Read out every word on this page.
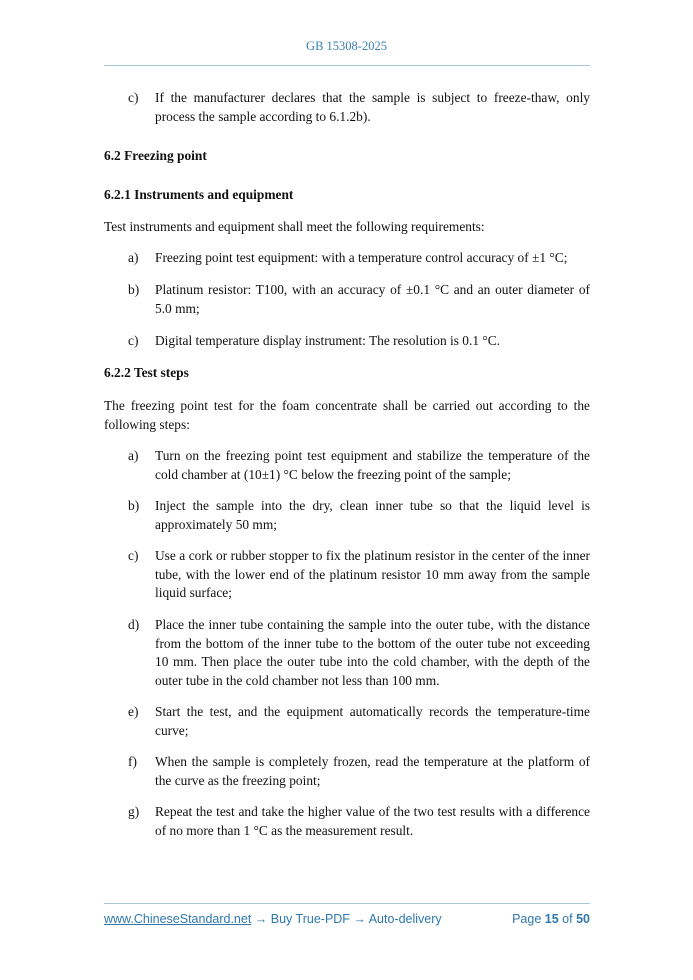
GB 15308-2025
c) If the manufacturer declares that the sample is subject to freeze-thaw, only process the sample according to 6.1.2b).
6.2 Freezing point
6.2.1 Instruments and equipment
Test instruments and equipment shall meet the following requirements:
a) Freezing point test equipment: with a temperature control accuracy of ±1 °C;
b) Platinum resistor: T100, with an accuracy of ±0.1 °C and an outer diameter of 5.0 mm;
c) Digital temperature display instrument: The resolution is 0.1 °C.
6.2.2 Test steps
The freezing point test for the foam concentrate shall be carried out according to the following steps:
a) Turn on the freezing point test equipment and stabilize the temperature of the cold chamber at (10±1) °C below the freezing point of the sample;
b) Inject the sample into the dry, clean inner tube so that the liquid level is approximately 50 mm;
c) Use a cork or rubber stopper to fix the platinum resistor in the center of the inner tube, with the lower end of the platinum resistor 10 mm away from the sample liquid surface;
d) Place the inner tube containing the sample into the outer tube, with the distance from the bottom of the inner tube to the bottom of the outer tube not exceeding 10 mm. Then place the outer tube into the cold chamber, with the depth of the outer tube in the cold chamber not less than 100 mm.
e) Start the test, and the equipment automatically records the temperature-time curve;
f) When the sample is completely frozen, read the temperature at the platform of the curve as the freezing point;
g) Repeat the test and take the higher value of the two test results with a difference of no more than 1 °C as the measurement result.
www.ChineseStandard.net → Buy True-PDF → Auto-delivery	Page 15 of 50
